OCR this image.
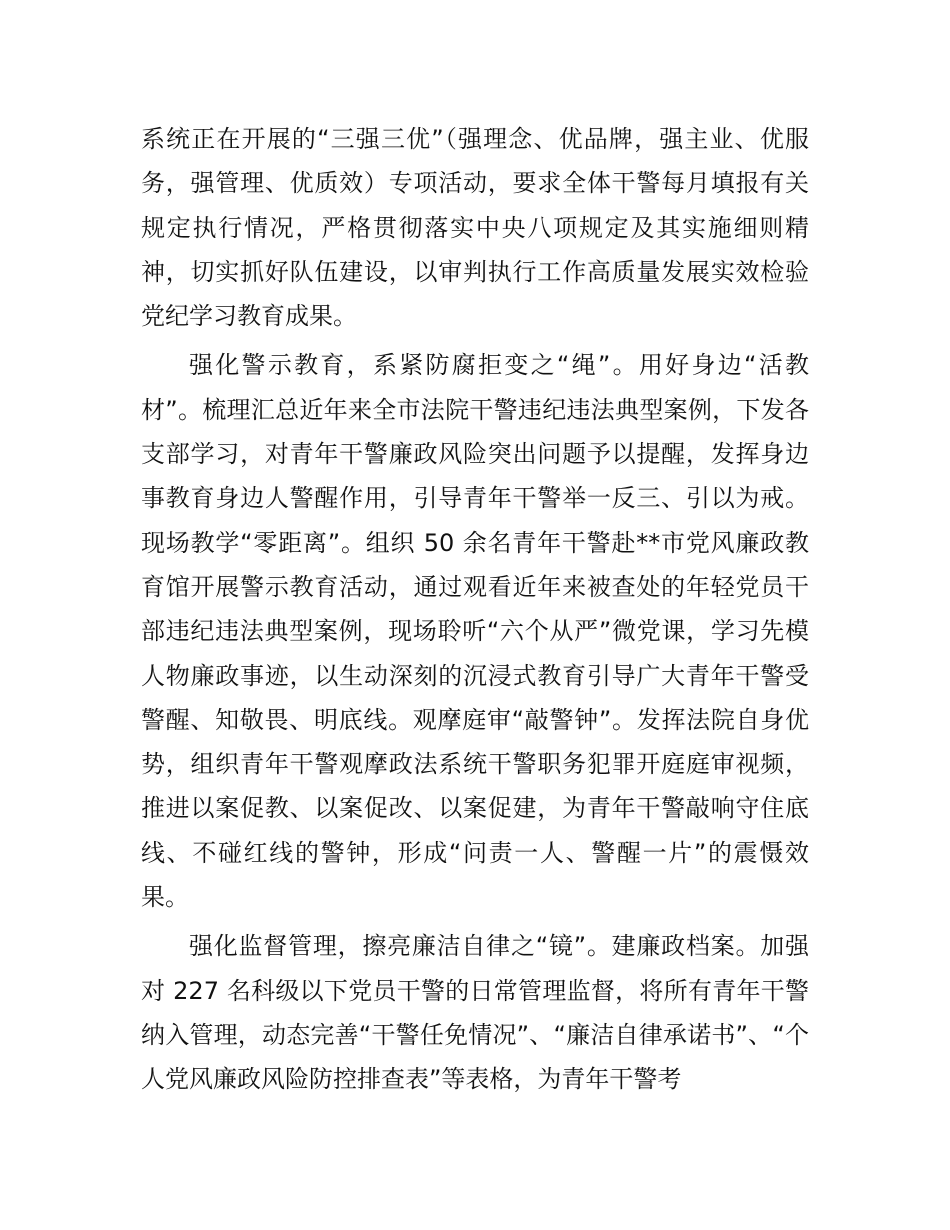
系统正在开展的“三强三优”（强理念、优品牌，强主业、优服务，强管理、优质效）专项活动，要求全体干警每月填报有关规定执行情况，严格贯彻落实中央八项规定及其实施细则精神，切实抓好队伍建设，以审判执行工作高质量发展实效检验党纪学习教育成果。

强化警示教育，系紧防腐拒变之“绳”。用好身边“活教材”。梳理汇总近年来全市法院干警违纪违法典型案例，下发各支部学习，对青年干警廉政风险突出问题予以提醒，发挥身边事教育身边人警醒作用，引导青年干警举一反三、引以为戒。现场教学“零距离”。组织 50 余名青年干警赴**市党风廉政教育馆开展警示教育活动，通过观看近年来被查处的年轻党员干部违纪违法典型案例，现场聆听“六个从严”微党课，学习先模人物廉政事迹，以生动深刻的沉浸式教育引导广大青年干警受警醒、知敬畏、明底线。观摩庭审“敲警钟”。发挥法院自身优势，组织青年干警观摩政法系统干警职务犯罪开庭庭审视频，推进以案促教、以案促改、以案促建，为青年干警敲响守住底线、不碰红线的警钟，形成“问责一人、警醒一片”的震慑效果。

强化监督管理，擦亮廉洁自律之“镜”。建廉政档案。加强对 227 名科级以下党员干警的日常管理监督，将所有青年干警纳入管理，动态完善“干警任免情况”、“廉洁自律承诺书”、“个人党风廉政风险防控排查表”等表格，为青年干警考
